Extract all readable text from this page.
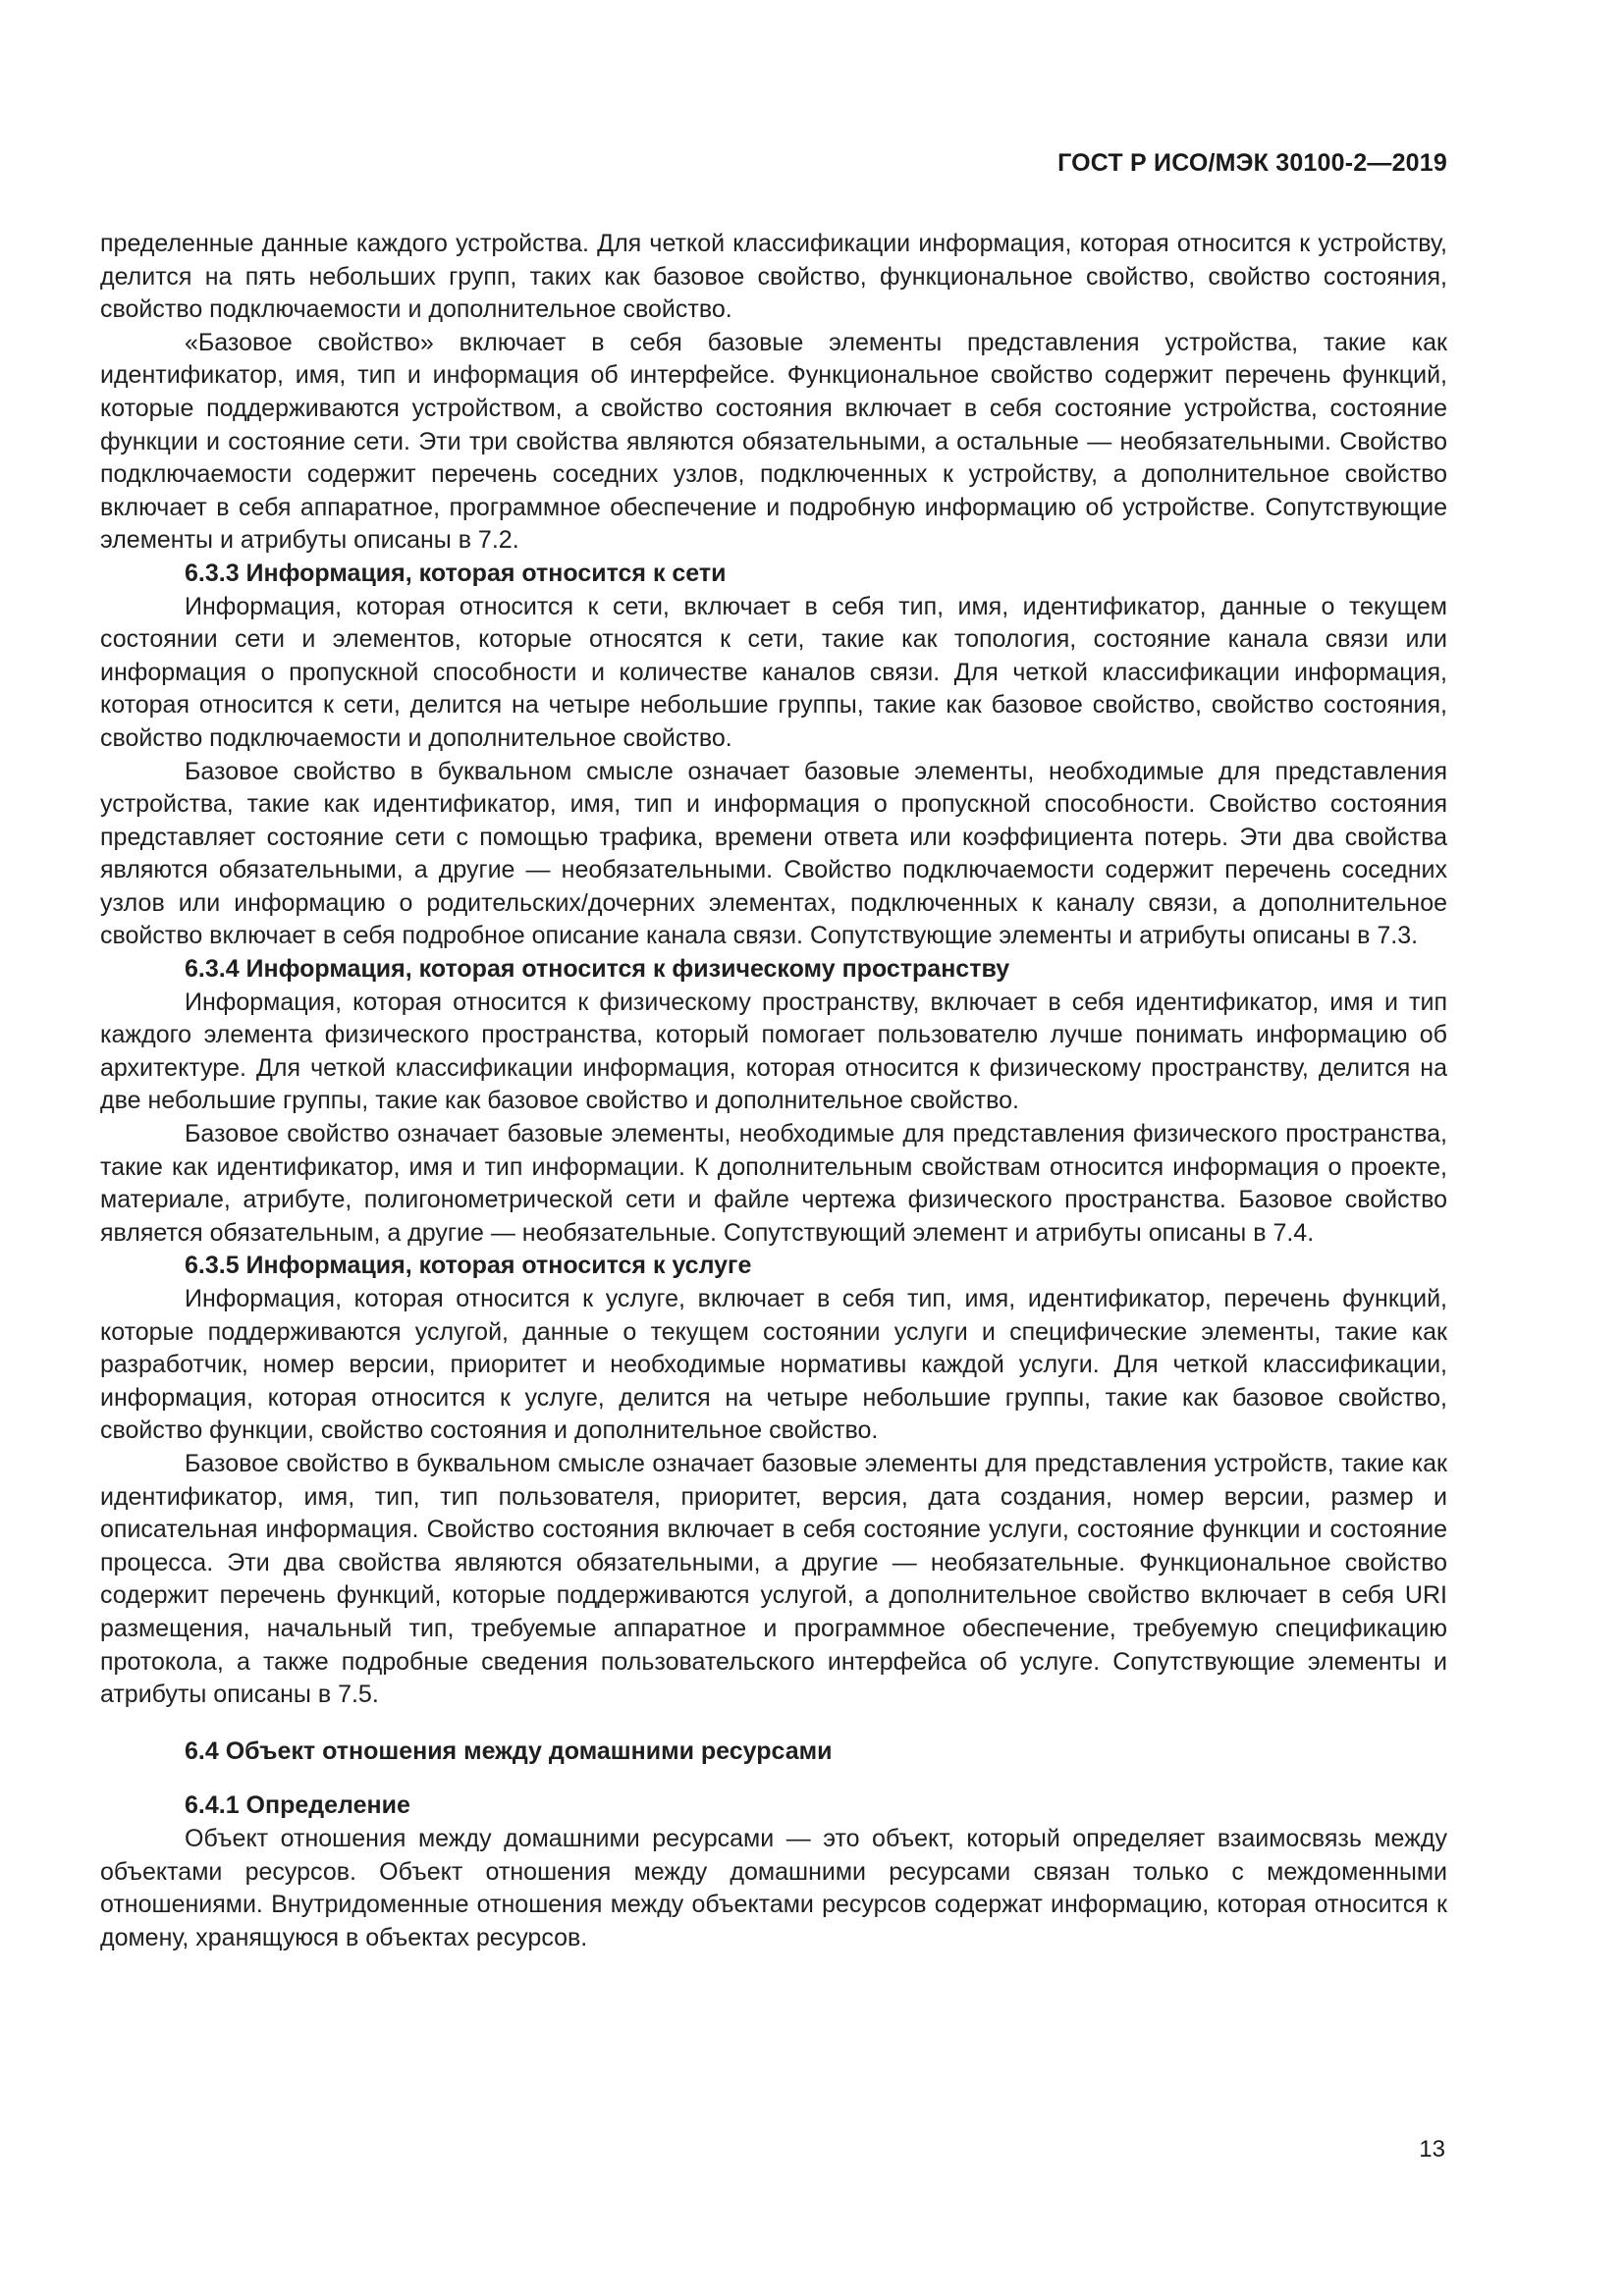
ГОСТ Р ИСО/МЭК 30100-2—2019

пределенные данные каждого устройства. Для четкой классификации информация, которая относится к устройству, делится на пять небольших групп, таких как базовое свойство, функциональное свойство, свойство состояния, свойство подключаемости и дополнительное свойство.

«Базовое свойство» включает в себя базовые элементы представления устройства, такие как идентификатор, имя, тип и информация об интерфейсе. Функциональное свойство содержит перечень функций, которые поддерживаются устройством, а свойство состояния включает в себя состояние устройства, состояние функции и состояние сети. Эти три свойства являются обязательными, а остальные — необязательными. Свойство подключаемости содержит перечень соседних узлов, подключенных к устройству, а дополнительное свойство включает в себя аппаратное, программное обеспечение и подробную информацию об устройстве. Сопутствующие элементы и атрибуты описаны в 7.2.

6.3.3 Информация, которая относится к сети

Информация, которая относится к сети, включает в себя тип, имя, идентификатор, данные о текущем состоянии сети и элементов, которые относятся к сети, такие как топология, состояние канала связи или информация о пропускной способности и количестве каналов связи. Для четкой классификации информация, которая относится к сети, делится на четыре небольшие группы, такие как базовое свойство, свойство состояния, свойство подключаемости и дополнительное свойство.

Базовое свойство в буквальном смысле означает базовые элементы, необходимые для представления устройства, такие как идентификатор, имя, тип и информация о пропускной способности. Свойство состояния представляет состояние сети с помощью трафика, времени ответа или коэффициента потерь. Эти два свойства являются обязательными, а другие — необязательными. Свойство подключаемости содержит перечень соседних узлов или информацию о родительских/дочерних элементах, подключенных к каналу связи, а дополнительное свойство включает в себя подробное описание канала связи. Сопутствующие элементы и атрибуты описаны в 7.3.

6.3.4 Информация, которая относится к физическому пространству

Информация, которая относится к физическому пространству, включает в себя идентификатор, имя и тип каждого элемента физического пространства, который помогает пользователю лучше понимать информацию об архитектуре. Для четкой классификации информация, которая относится к физическому пространству, делится на две небольшие группы, такие как базовое свойство и дополнительное свойство.

Базовое свойство означает базовые элементы, необходимые для представления физического пространства, такие как идентификатор, имя и тип информации. К дополнительным свойствам относится информация о проекте, материале, атрибуте, полигонометрической сети и файле чертежа физического пространства. Базовое свойство является обязательным, а другие — необязательные. Сопутствующий элемент и атрибуты описаны в 7.4.

6.3.5 Информация, которая относится к услуге

Информация, которая относится к услуге, включает в себя тип, имя, идентификатор, перечень функций, которые поддерживаются услугой, данные о текущем состоянии услуги и специфические элементы, такие как разработчик, номер версии, приоритет и необходимые нормативы каждой услуги. Для четкой классификации, информация, которая относится к услуге, делится на четыре небольшие группы, такие как базовое свойство, свойство функции, свойство состояния и дополнительное свойство.

Базовое свойство в буквальном смысле означает базовые элементы для представления устройств, такие как идентификатор, имя, тип, тип пользователя, приоритет, версия, дата создания, номер версии, размер и описательная информация. Свойство состояния включает в себя состояние услуги, состояние функции и состояние процесса. Эти два свойства являются обязательными, а другие — необязательные. Функциональное свойство содержит перечень функций, которые поддерживаются услугой, а дополнительное свойство включает в себя URI размещения, начальный тип, требуемые аппаратное и программное обеспечение, требуемую спецификацию протокола, а также подробные сведения пользовательского интерфейса об услуге. Сопутствующие элементы и атрибуты описаны в 7.5.

6.4 Объект отношения между домашними ресурсами

6.4.1 Определение

Объект отношения между домашними ресурсами — это объект, который определяет взаимосвязь между объектами ресурсов. Объект отношения между домашними ресурсами связан только с междоменными отношениями. Внутридоменные отношения между объектами ресурсов содержат информацию, которая относится к домену, хранящуюся в объектах ресурсов.

13
